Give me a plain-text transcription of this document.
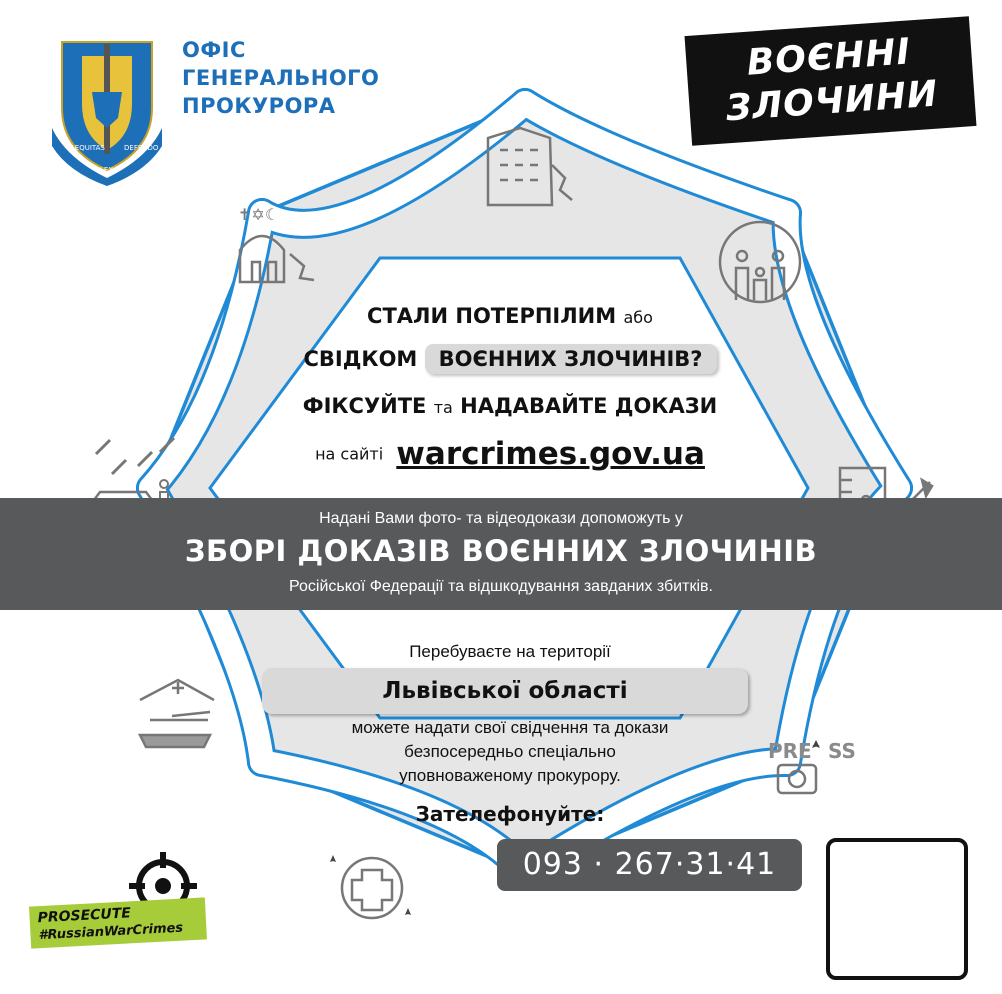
AEQUITAS
LEX
DEFENDO
PRE SS
✝✡☾
ОФІС
ГЕНЕРАЛЬНОГО
ПРОКУРОРА
ВОЄННІ
ЗЛОЧИНИ
СТАЛИ ПОТЕРПІЛИМ або
СВІДКОМ ВОЄННИХ ЗЛОЧИНІВ?
ФІКСУЙТЕ та НАДАВАЙТЕ ДОКАЗИ
на сайті warcrimes.gov.ua
Надані Вами фото- та відеодокази допоможуть у
ЗБОРІ ДОКАЗІВ ВОЄННИХ ЗЛОЧИНІВ
Російської Федерації та відшкодування завданих збитків.
Перебуваєте на території
Львівської області
можете надати свої свідчення та докази
безпосередньо спеціально
уповноваженому прокурору.
Зателефонуйте:
093 · 267·31·41
PROSECUTE
#RussianWarCrimes
